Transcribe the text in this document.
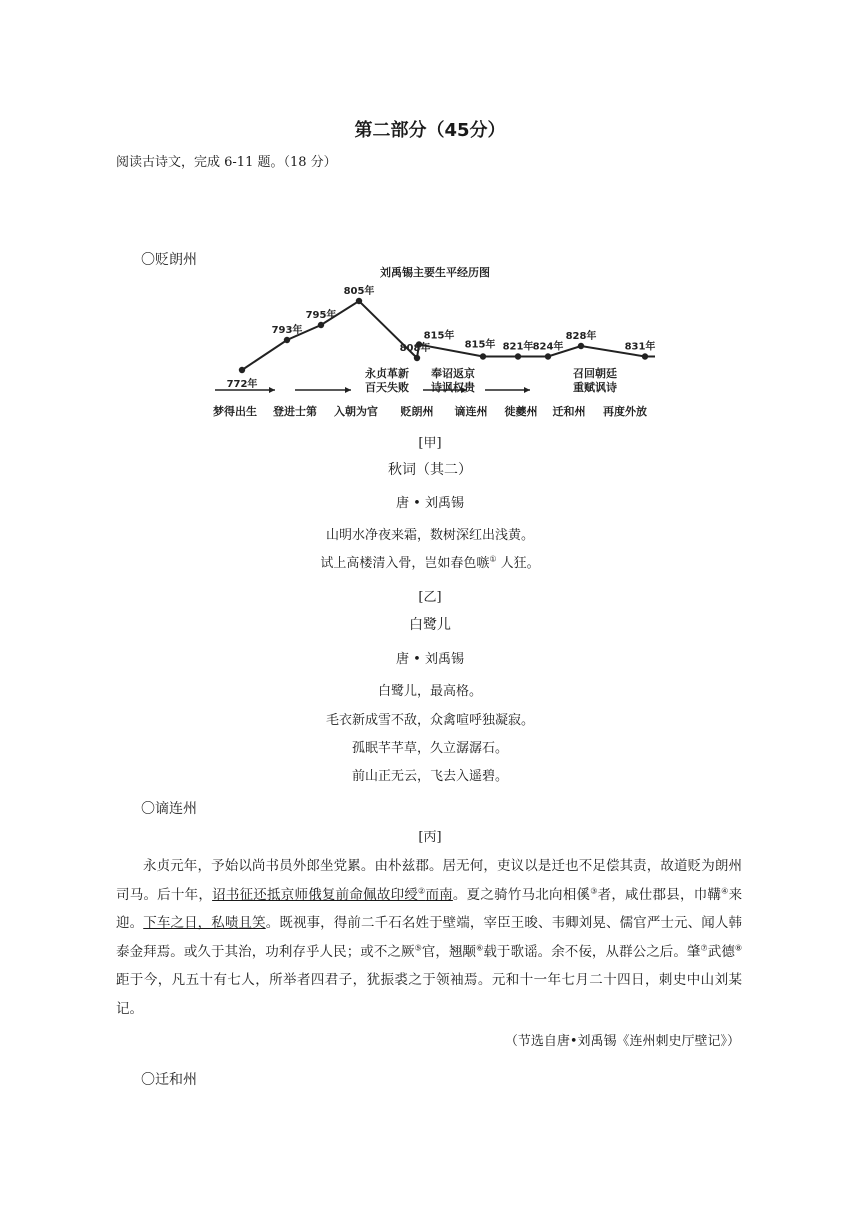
第二部分（45分）
阅读古诗文，完成 6-11 题。（18 分）
〇贬朗州
刘禹锡主要生平经历图
772年
793年
795年
805年
808年
815年
815年 821年 824年
828年
831年
梦得出生 登进士第 入朝为官 贬朗州 谪连州 徙夔州 迁和州 再度外放
永贞革新
百天失败
奉诏返京
诗讽权贵
召回朝廷
重赋讽诗
[甲]
秋词（其二）
唐 • 刘禹锡
山明水净夜来霜，数树深红出浅黄。
试上高楼清入骨，岂如春色嗾① 人狂。
[乙]
白鹭儿
唐 • 刘禹锡
白鹭儿，最高格。
毛衣新成雪不敌，众禽喧呼独凝寂。
孤眠芊芊草，久立潺潺石。
前山正无云，飞去入遥碧。
〇谪连州
[丙]

永贞元年，予始以尚书员外郎坐党累。由朴兹郡。居无何，吏议以是迁也不足偿其责，故道贬为朗州司马。后十年，诏书征还抵京师俄复前命佩故印绶②而南。夏之骑竹马北向相傒③者，咸仕郡县，巾鞲④来迎。下车之日，私啧且笑。既视事，得前二千石名姓于壁端，宰臣王晙、韦卿刘晃、儒官严士元、闻人韩泰金拜焉。或久于其治，功利存乎人民；或不之厥⑤官，翘颙⑥载于歌谣。余不佞，从群公之后。肇⑦武德⑧距于今，凡五十有七人，所举者四君子，犹振裘之于领袖焉。元和十一年七月二十四日，刺史中山刘某记。

（节选自唐•刘禹锡《连州刺史厅壁记》）
〇迁和州
